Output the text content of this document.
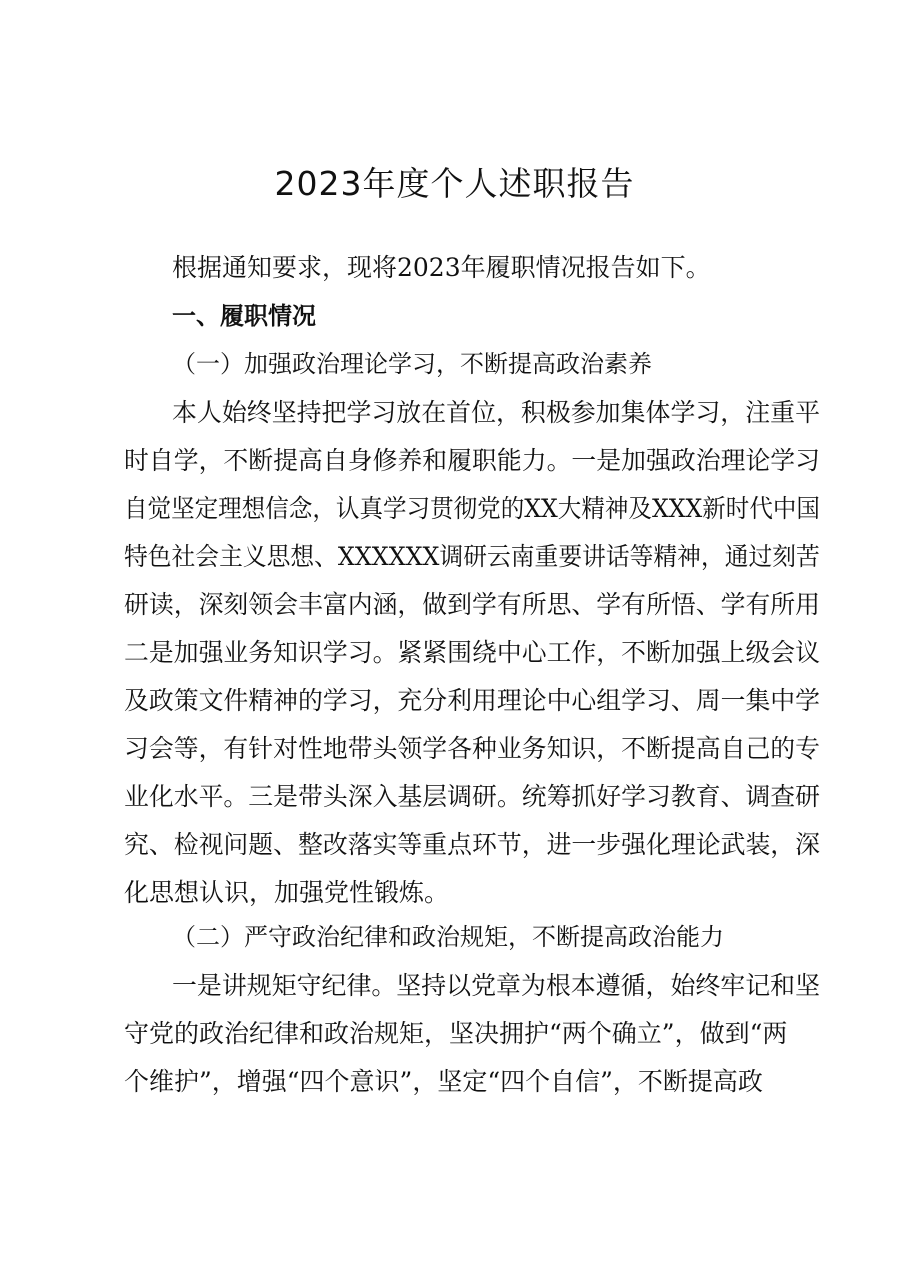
2023年度个人述职报告
根据通知要求，现将2023年履职情况报告如下。
一、履职情况
（一）加强政治理论学习，不断提高政治素养
本人始终坚持把学习放在首位，积极参加集体学习，注重平
时自学，不断提高自身修养和履职能力。一是加强政治理论学习
自觉坚定理想信念，认真学习贯彻党的XX大精神及XXX新时代中国
特色社会主义思想、XXXXXX调研云南重要讲话等精神，通过刻苦
研读，深刻领会丰富内涵，做到学有所思、学有所悟、学有所用
二是加强业务知识学习。紧紧围绕中心工作，不断加强上级会议
及政策文件精神的学习，充分利用理论中心组学习、周一集中学
习会等，有针对性地带头领学各种业务知识，不断提高自己的专
业化水平。三是带头深入基层调研。统筹抓好学习教育、调查研
究、检视问题、整改落实等重点环节，进一步强化理论武装，深
化思想认识，加强党性锻炼。
（二）严守政治纪律和政治规矩，不断提高政治能力
一是讲规矩守纪律。坚持以党章为根本遵循，始终牢记和坚
守党的政治纪律和政治规矩，坚决拥护“两个确立”，做到“两
个维护”，增强“四个意识”，坚定“四个自信”，不断提高政
